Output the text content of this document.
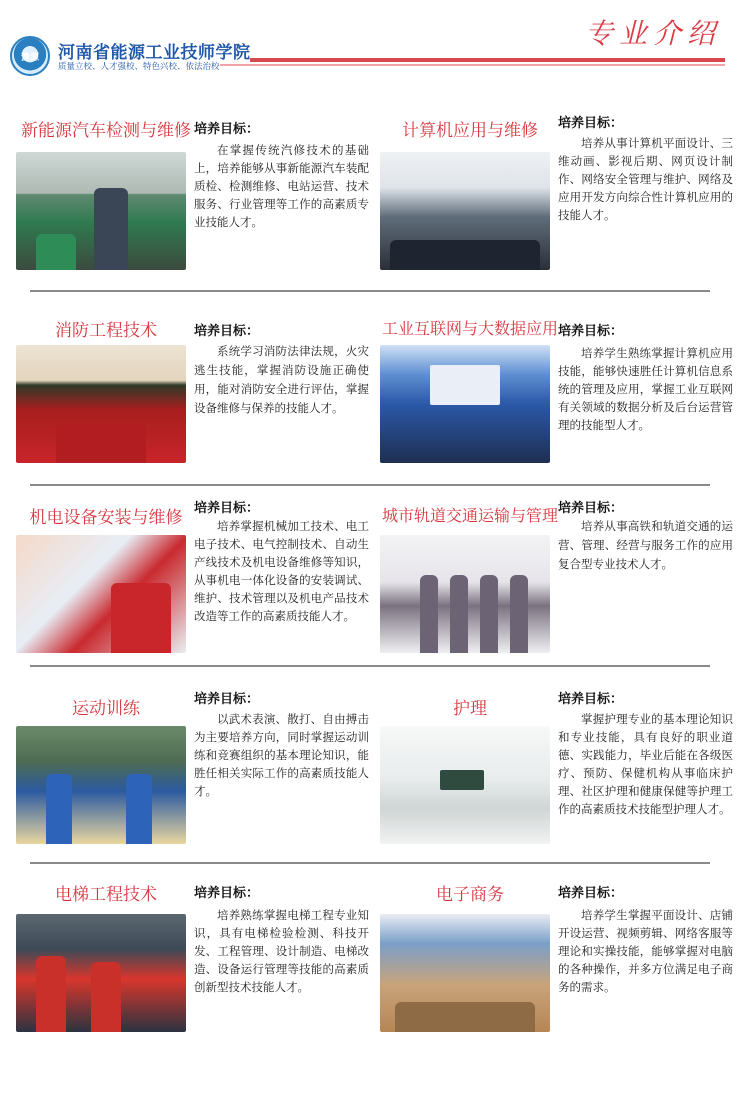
豫源	河南省能源工业技师学院
质量立校、人才强校、特色兴校、依法治校
专业介绍
新能源汽车检测与维修 培养目标：
在掌握传统汽修技术的基础上，培养能够从事新能源汽车装配质检、检测维修、电站运营、技术服务、行业管理等工作的高素质专业技能人才。
计算机应用与维修	培养目标：
培养从事计算机平面设计、三维动画、影视后期、网页设计制作、网络安全管理与维护、网络及应用开发方向综合性计算机应用的技能人才。
消防工程技术	培养目标：
系统学习消防法律法规，火灾逃生技能，掌握消防设施正确使用，能对消防安全进行评估，掌握设备维修与保养的技能人才。
工业互联网与大数据应用 培养目标：
培养学生熟练掌握计算机应用技能，能够快速胜任计算机信息系统的管理及应用，掌握工业互联网有关领域的数据分析及后台运营管理的技能型人才。
机电设备安装与维修 培养目标：
培养掌握机械加工技术、电工电子技术、电气控制技术、自动生产线技术及机电设备维修等知识，从事机电一体化设备的安装调试、维护、技术管理以及机电产品技术改造等工作的高素质技能人才。
城市轨道交通运输与管理 培养目标：
培养从事高铁和轨道交通的运营、管理、经营与服务工作的应用复合型专业技术人才。
运动训练	培养目标：
以武术表演、散打、自由搏击为主要培养方向，同时掌握运动训练和竞赛组织的基本理论知识，能胜任相关实际工作的高素质技能人才。
护理	培养目标：
掌握护理专业的基本理论知识和专业技能，具有良好的职业道德、实践能力，毕业后能在各级医疗、预防、保健机构从事临床护理、社区护理和健康保健等护理工作的高素质技术技能型护理人才。
电梯工程技术	培养目标：
培养熟练掌握电梯工程专业知识，具有电梯检验检测、科技开发、工程管理、设计制造、电梯改造、设备运行管理等技能的高素质创新型技术技能人才。
电子商务	培养目标：
培养学生掌握平面设计、店铺开设运营、视频剪辑、网络客服等理论和实操技能，能够掌握对电脑的各种操作，并多方位满足电子商务的需求。
